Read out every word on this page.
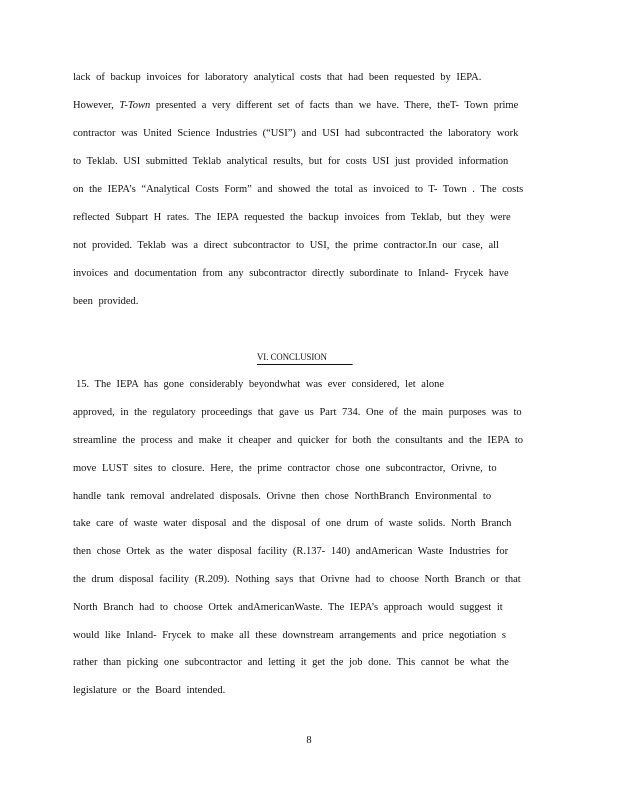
lack of backup invoices for laboratory analytical costs that had been requested by IEPA.
However, T-Town presented a very different set of facts than we have. There, theT- Town prime
contractor was United Science Industries (“USI”) and USI had subcontracted the laboratory work
to Teklab. USI submitted Teklab analytical results, but for costs USI just provided information
on the IEPA’s “Analytical Costs Form” and showed the total as invoiced to T- Town . The costs
reflected Subpart H rates. The IEPA requested the backup invoices from Teklab, but they were
not provided. Teklab was a direct subcontractor to USI, the prime contractor.In our case, all
invoices and documentation from any subcontractor directly subordinate to Inland- Frycek have
been provided.
VI. CONCLUSION
15. The IEPA has gone considerably beyondwhat was ever considered, let alone
approved, in the regulatory proceedings that gave us Part 734. One of the main purposes was to
streamline the process and make it cheaper and quicker for both the consultants and the IEPA to
move LUST sites to closure. Here, the prime contractor chose one subcontractor, Orivne, to
handle tank removal andrelated disposals. Orivne then chose NorthBranch Environmental to
take care of waste water disposal and the disposal of one drum of waste solids. North Branch
then chose Ortek as the water disposal facility (R.137- 140) andAmerican Waste Industries for
the drum disposal facility (R.209). Nothing says that Orivne had to choose North Branch or that
North Branch had to choose Ortek andAmericanWaste. The IEPA’s approach would suggest it
would like Inland- Frycek to make all these downstream arrangements and price negotiation s
rather than picking one subcontractor and letting it get the job done. This cannot be what the
legislature or the Board intended.
8
